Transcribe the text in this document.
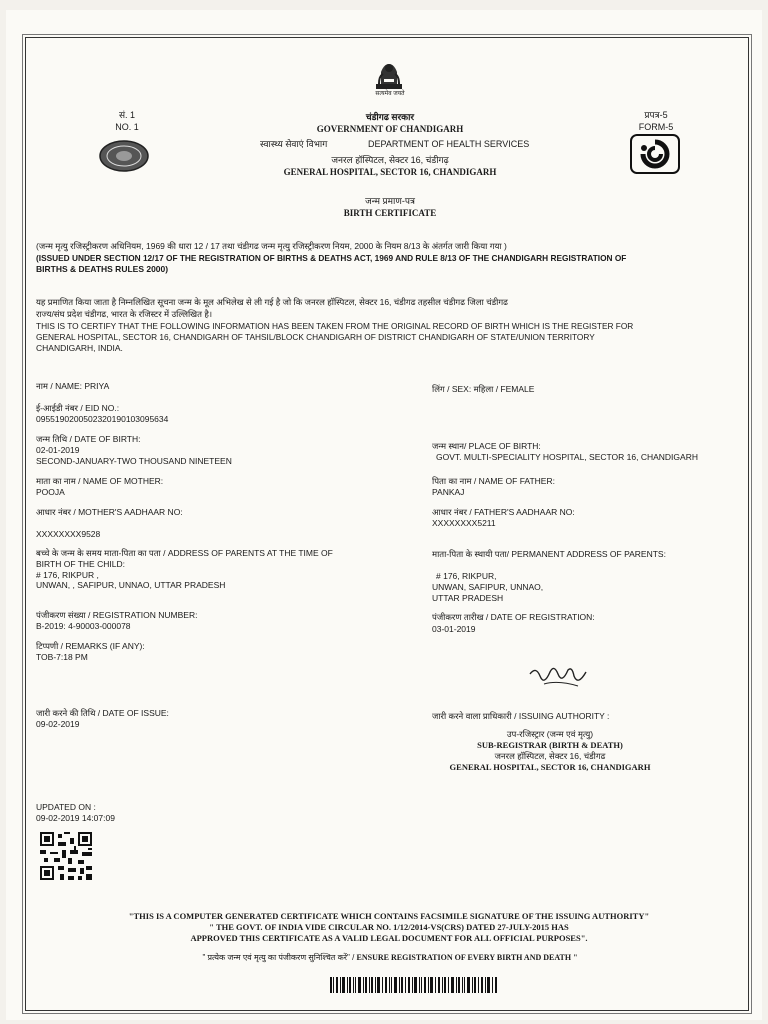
सत्यमेव जयते
सं. 1
NO. 1
प्रपत्र-5
FORM-5
चंडीगढ सरकार
GOVERNMENT OF CHANDIGARH
स्वास्थ्य सेवाएं विभाग	DEPARTMENT OF HEALTH SERVICES
जनरल हॉस्पिटल, सेक्टर 16, चंडीगढ़
GENERAL HOSPITAL, SECTOR 16, CHANDIGARH
जन्म प्रमाण-पत्र
BIRTH CERTIFICATE
(जन्म मृत्यु रजिस्ट्रीकरण अधिनियम, 1969 की धारा 12 / 17 तथा चंडीगढ जन्म मृत्यु रजिस्ट्रीकरण नियम, 2000 के नियम 8/13 के अंतर्गत जारी किया गया )
(ISSUED UNDER SECTION 12/17 OF THE REGISTRATION OF BIRTHS & DEATHS ACT, 1969 AND RULE 8/13 OF THE CHANDIGARH REGISTRATION OF
BIRTHS & DEATHS RULES 2000)
यह प्रमाणित किया जाता है निम्नलिखित सूचना जन्म के मूल अभिलेख से ली गई है जो कि जनरल हॉस्पिटल, सेक्टर 16, चंडीगढ तहसील चंडीगढ जिला चंडीगढ
राज्य/संघ प्रदेश चंडीगढ, भारत के रजिस्टर में उल्लिखित है।
THIS IS TO CERTIFY THAT THE FOLLOWING INFORMATION HAS BEEN TAKEN FROM THE ORIGINAL RECORD OF BIRTH WHICH IS THE REGISTER FOR
GENERAL HOSPITAL, SECTOR 16, CHANDIGARH OF TAHSIL/BLOCK CHANDIGARH OF DISTRICT CHANDIGARH OF STATE/UNION TERRITORY
CHANDIGARH, INDIA.
नाम / NAME: PRIYA
ई-आईडी नंबर / EID NO.:
0955190200502320190103095634
जन्म तिथि / DATE OF BIRTH:
02-01-2019
SECOND-JANUARY-TWO THOUSAND NINETEEN
माता का नाम / NAME OF MOTHER:
POOJA
आधार नंबर / MOTHER'S AADHAAR NO:
XXXXXXXX9528
बच्चे के जन्म के समय माता-पिता का पता / ADDRESS OF PARENTS AT THE TIME OF
BIRTH OF THE CHILD:
# 176, RIKPUR ,
UNWAN, , SAFIPUR, UNNAO, UTTAR PRADESH
पंजीकरण संख्या / REGISTRATION NUMBER:
B-2019: 4-90003-000078
टिप्पणी / REMARKS (IF ANY):
TOB-7:18 PM
जारी करने की तिथि / DATE OF ISSUE:
09-02-2019
लिंग / SEX: महिला / FEMALE
जन्म स्थान/ PLACE OF BIRTH:
GOVT. MULTI-SPECIALITY HOSPITAL, SECTOR 16, CHANDIGARH
पिता का नाम / NAME OF FATHER:
PANKAJ
आधार नंबर / FATHER'S AADHAAR NO:
XXXXXXXX5211
माता-पिता के स्थायी पता/ PERMANENT ADDRESS OF PARENTS:
# 176, RIKPUR,
UNWAN, SAFIPUR, UNNAO,
UTTAR PRADESH
पंजीकरण तारीख / DATE OF REGISTRATION:
03-01-2019
जारी करने वाला प्राधिकारी / ISSUING AUTHORITY :
उप-रजिस्ट्रार (जन्म एवं मृत्यु)
SUB-REGISTRAR (BIRTH & DEATH)
जनरल हॉस्पिटल, सेक्टर 16, चंडीगढ
GENERAL HOSPITAL, SECTOR 16, CHANDIGARH
UPDATED ON :
09-02-2019 14:07:09
"THIS IS A COMPUTER GENERATED CERTIFICATE WHICH CONTAINS FACSIMILE SIGNATURE OF THE ISSUING AUTHORITY"
" THE GOVT. OF INDIA VIDE CIRCULAR NO. 1/12/2014-VS(CRS) DATED 27-JULY-2015 HAS
APPROVED THIS CERTIFICATE AS A VALID LEGAL DOCUMENT FOR ALL OFFICIAL PURPOSES".
" प्रत्येक जन्म एवं मृत्यु का पंजीकरण सुनिश्चित करें" / ENSURE REGISTRATION OF EVERY BIRTH AND DEATH "
